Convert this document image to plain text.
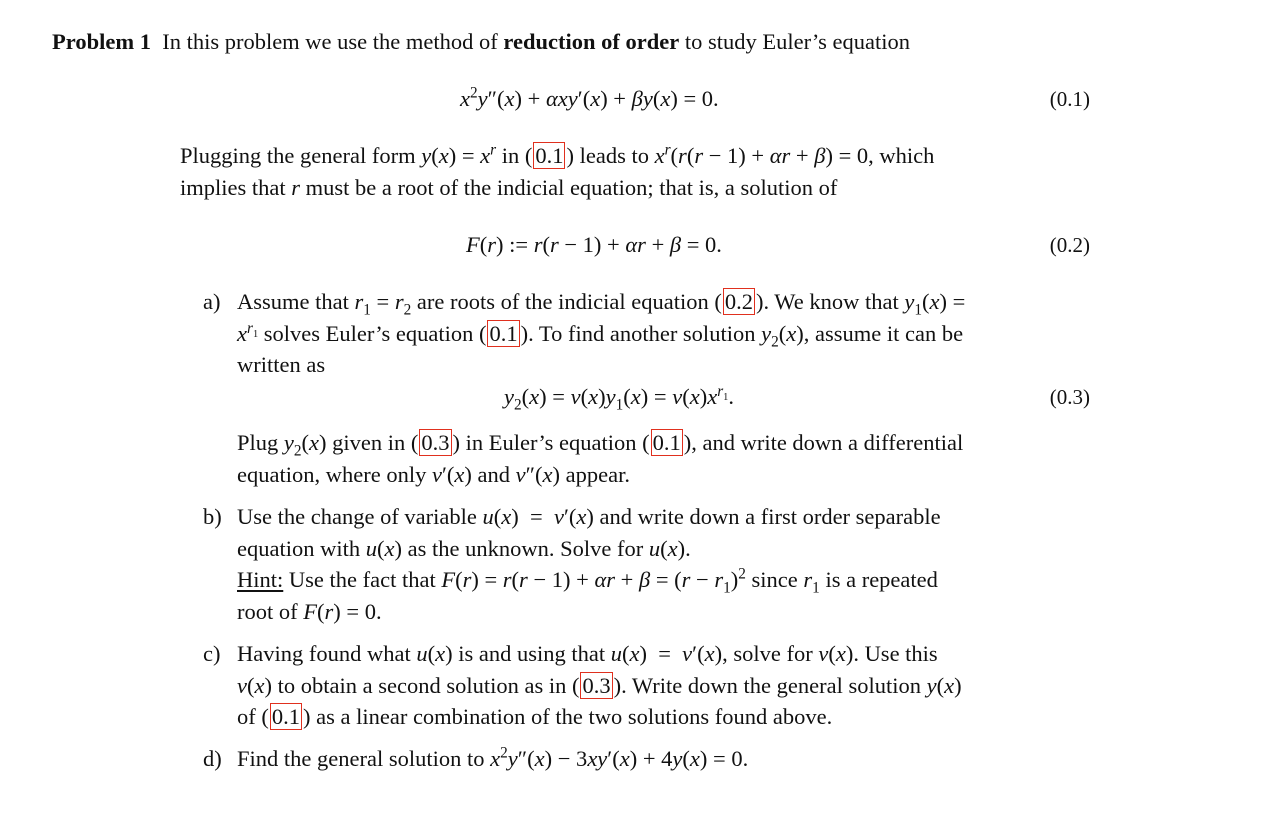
Problem 1 In this problem we use the method of reduction of order to study Euler’s equation
$x^2y''(x) + \alpha xy'(x) + \beta y(x) = 0$.	(0.1)
Plugging the general form $y(x) = x^r$ in ( 0.1 ) leads to $x^r(r(r - 1) + \alpha r + \beta) = 0$, which
implies that r must be a root of the indicial equation; that is, a solution of
F(r) := r(r − 1) + αr + β = 0.	(0.2)
a) Assume that $r_1 = r_2$ are roots of the indicial equation ( 0.2 ). We know that $y_1(x)$ =
$x^{r_1}$ solves Euler’s equation ( 0.1 ). To find another solution $y_2(x)$, assume it can be
written as
$y_2(x) = v(x)y_1(x) = v(x)x^{r_1}$.	(0.3)
Plug $y_2(x)$ given in ( 0.3 ) in Euler’s equation ( 0.1 ), and write down a differential
equation, where only v′(x) and v″(x) appear.
b) Use the change of variable u(x)  =  v′(x) and write down a first order separable
equation with u(x) as the unknown. Solve for u(x).
Hint: Use the fact that $F(r) = r(r - 1) + \alpha r + \beta = (r - r_1)^2$ since $r_1$ is a repeated
root of F(r) = 0.
c) Having found what u(x) is and using that u(x)  =  v′(x), solve for v(x). Use this
v(x) to obtain a second solution as in ( 0.3 ). Write down the general solution y(x)
of ( 0.1 ) as a linear combination of the two solutions found above.
d) Find the general solution to $x^2y''(x) - 3xy'(x) + 4y(x) = 0$.
